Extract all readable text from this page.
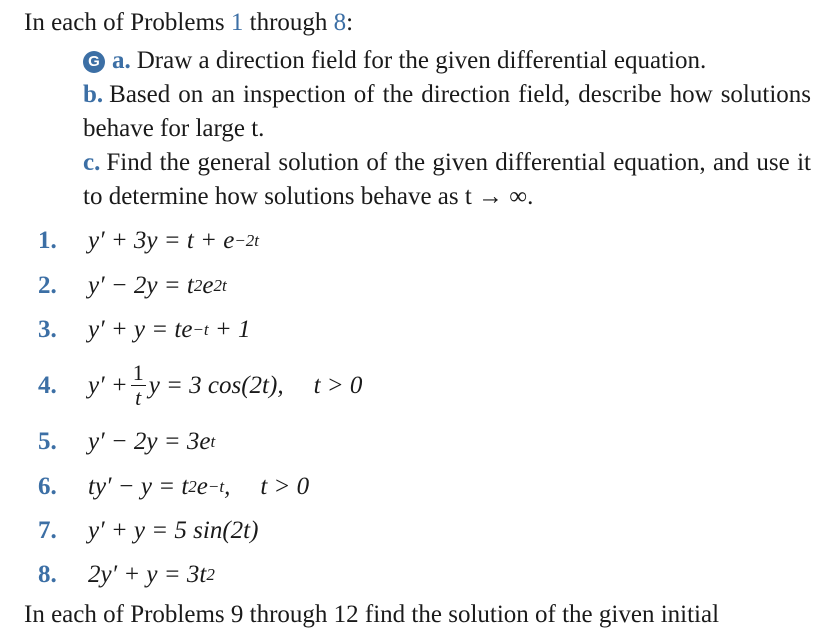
In each of Problems 1 through 8:

G a. Draw a direction field for the given differential equation.

b. Based on an inspection of the direction field, describe how solutions behave for large t.

c. Find the general solution of the given differential equation, and use it to determine how solutions behave as t → ∞.

1.	y′ + 3y = t + e −2t
2.	y′ − 2y = t 2 e 2t
3.	y′ + y = te −t + 1
4.	$y' + \frac{1}{t}$ y = 3 cos(2t), t > 0
5.	y′ − 2y = 3e t
6.	ty′ − y = t 2 e −t , t > 0
7.	y′ + y = 5 sin(2t)
8.	2y′ + y = 3t 2
In each of Problems 9 through 12 find the solution of the given initial
